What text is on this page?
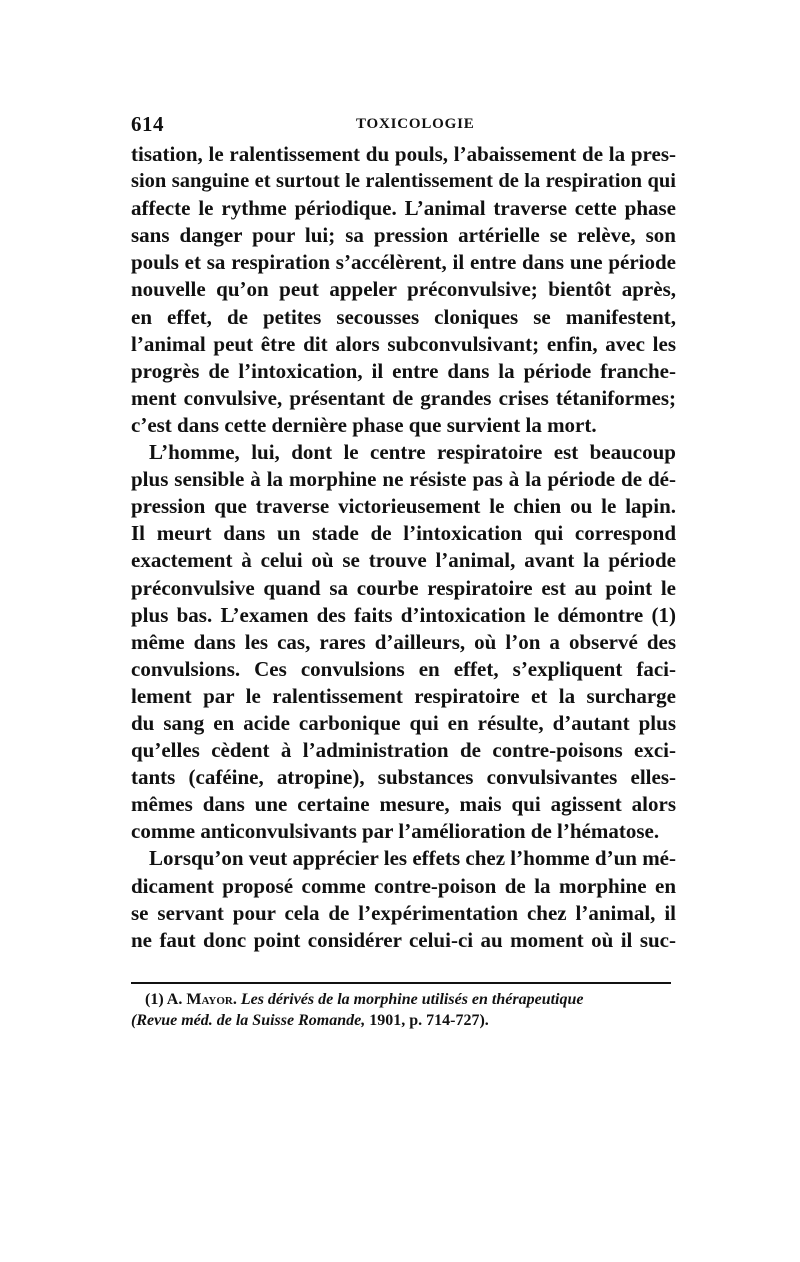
614	TOXICOLOGIE
tisation, le ralentissement du pouls, l’abaissement de la pres-
sion sanguine et surtout le ralentissement de la respiration qui
affecte le rythme périodique. L’animal traverse cette phase
sans danger pour lui; sa pression artérielle se relève, son
pouls et sa respiration s’accélèrent, il entre dans une période
nouvelle qu’on peut appeler préconvulsive; bientôt après,
en effet, de petites secousses cloniques se manifestent,
l’animal peut être dit alors subconvulsivant; enfin, avec les
progrès de l’intoxication, il entre dans la période franche-
ment convulsive, présentant de grandes crises tétaniformes;
c’est dans cette dernière phase que survient la mort.
L’homme, lui, dont le centre respiratoire est beaucoup
plus sensible à la morphine ne résiste pas à la période de dé-
pression que traverse victorieusement le chien ou le lapin.
Il meurt dans un stade de l’intoxication qui correspond
exactement à celui où se trouve l’animal, avant la période
préconvulsive quand sa courbe respiratoire est au point le
plus bas. L’examen des faits d’intoxication le démontre (1)
même dans les cas, rares d’ailleurs, où l’on a observé des
convulsions. Ces convulsions en effet, s’expliquent faci-
lement par le ralentissement respiratoire et la surcharge
du sang en acide carbonique qui en résulte, d’autant plus
qu’elles cèdent à l’administration de contre-poisons exci-
tants (caféine, atropine), substances convulsivantes elles-
mêmes dans une certaine mesure, mais qui agissent alors
comme anticonvulsivants par l’amélioration de l’hématose.
Lorsqu’on veut apprécier les effets chez l’homme d’un mé-
dicament proposé comme contre-poison de la morphine en
se servant pour cela de l’expérimentation chez l’animal, il
ne faut donc point considérer celui-ci au moment où il suc-
(1) A. Mayor. Les dérivés de la morphine utilisés en thérapeutique
(Revue méd. de la Suisse Romande, 1901, p. 714-727).
